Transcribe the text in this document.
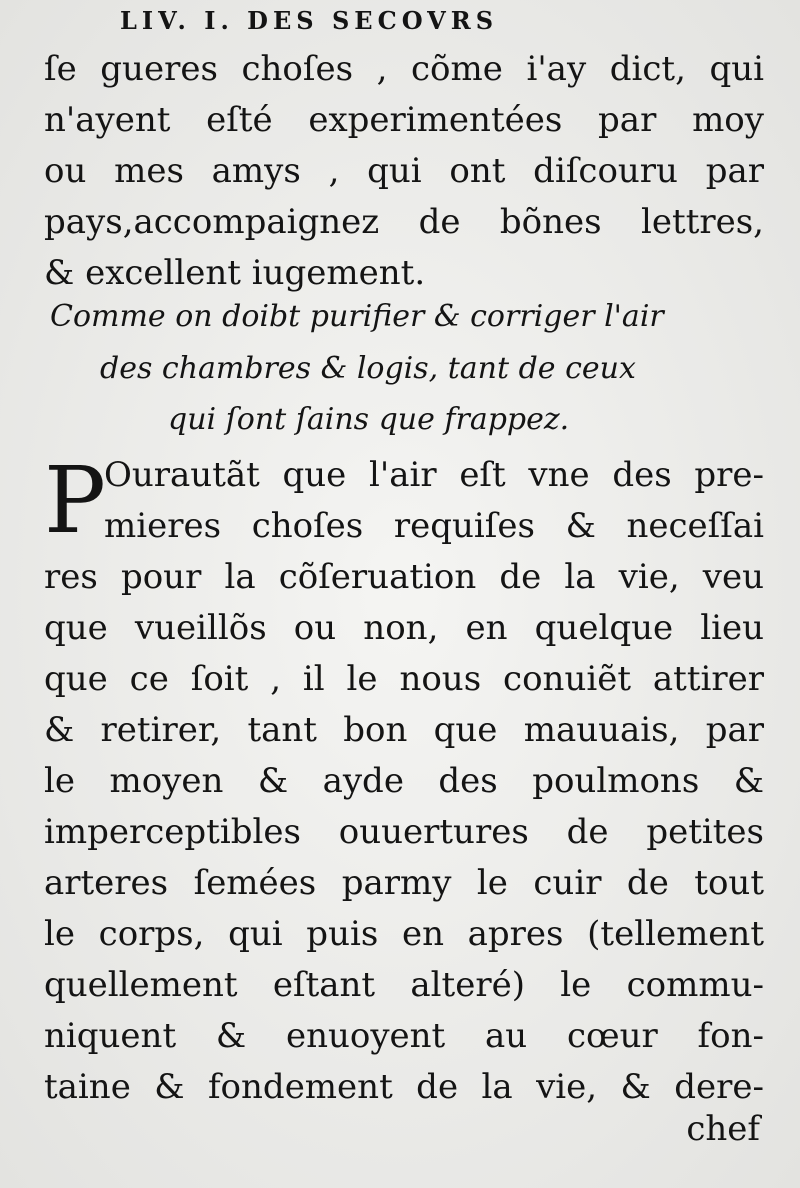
LIV. I. DES SECOVRS
ſe gueres choſes , cõme i'ay dict, qui
n'ayent eſté experimentées par moy
ou mes amys , qui ont diſcouru par
pays,accompaignez de bõnes lettres,
& excellent iugement.
Comme on doibt purifier & corriger l'air
des chambres & logis, tant de ceux
qui ſont ſains que frappez.
P
Ourautãt que l'air eſt vne des pre-
mieres choſes requiſes & neceſſai
res pour la cõſeruation de la vie, veu
que vueillõs ou non, en quelque lieu
que ce ſoit , il le nous conuiẽt attirer
& retirer, tant bon que mauuais, par
le moyen & ayde des poulmons &
imperceptibles ouuertures de petites
arteres ſemées parmy le cuir de tout
le corps, qui puis en apres (tellement
quellement eſtant alteré) le commu-
niquent & enuoyent au cœur fon-
taine & fondement de la vie, & dere-
chef
